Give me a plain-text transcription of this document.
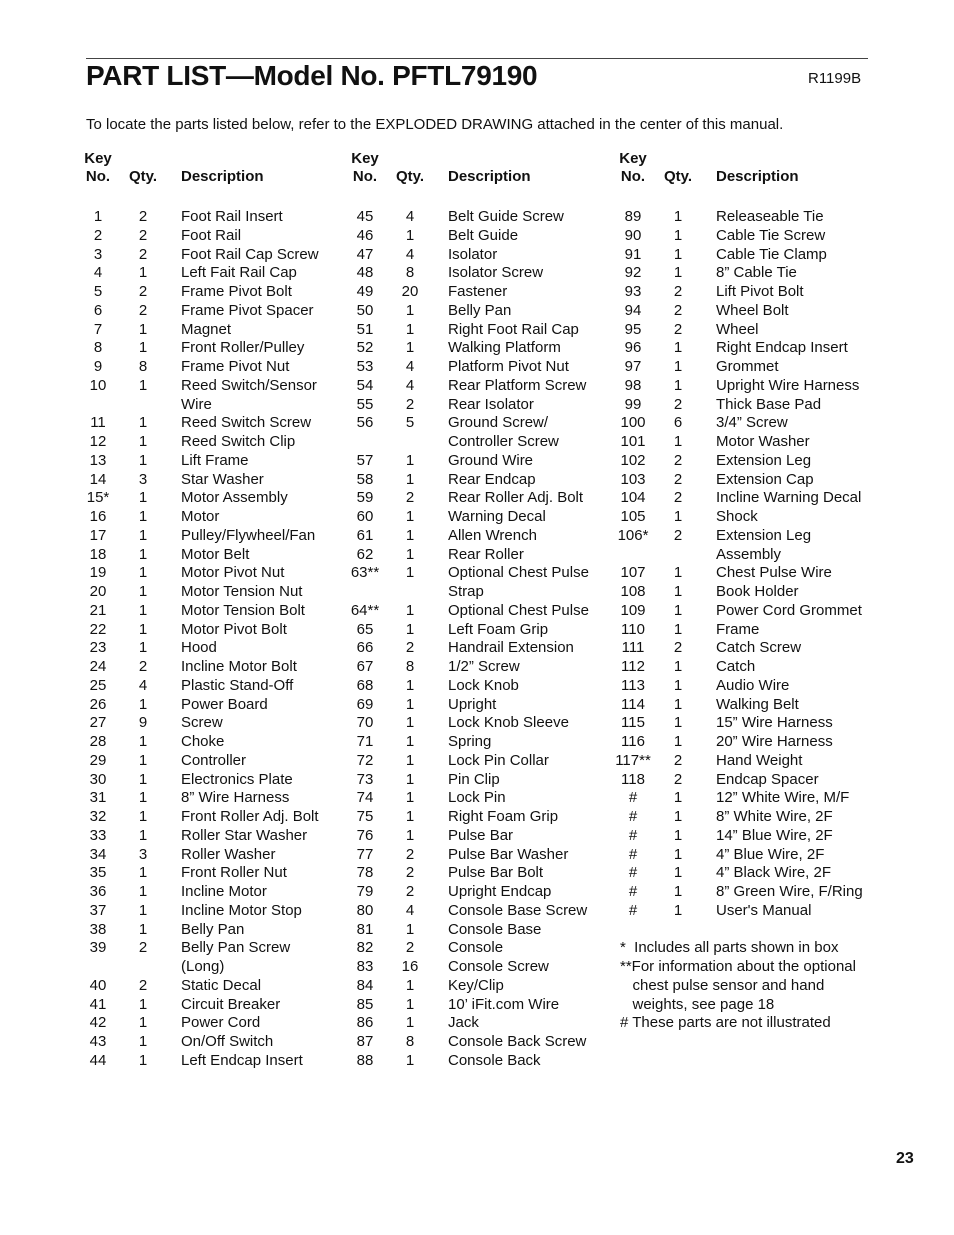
PART LIST—Model No. PFTL79190	R1199B
To locate the parts listed below, refer to the EXPLODED DRAWING attached in the center of this manual.
Key
No.	Qty. Description
1	2	Foot Rail Insert
2	2	Foot Rail
3	2	Foot Rail Cap Screw
4	1	Left Fait Rail Cap
5	2	Frame Pivot Bolt
6	2	Frame Pivot Spacer
7	1	Magnet
8	1	Front Roller/Pulley
9	8	Frame Pivot Nut
10	1	Reed Switch/Sensor
Wire
11	1	Reed Switch Screw
12	1	Reed Switch Clip
13	1	Lift Frame
14	3	Star Washer
15*	1	Motor Assembly
16	1	Motor
17	1	Pulley/Flywheel/Fan
18	1	Motor Belt
19	1	Motor Pivot Nut
20	1	Motor Tension Nut
21	1	Motor Tension Bolt
22	1	Motor Pivot Bolt
23	1	Hood
24	2	Incline Motor Bolt
25	4	Plastic Stand-Off
26	1	Power Board
27	9	Screw
28	1	Choke
29	1	Controller
30	1	Electronics Plate
31	1	8” Wire Harness
32	1	Front Roller Adj. Bolt
33	1	Roller Star Washer
34	3	Roller Washer
35	1	Front Roller Nut
36	1	Incline Motor
37	1	Incline Motor Stop
38	1	Belly Pan
39	2	Belly Pan Screw
(Long)
40	2	Static Decal
41	1	Circuit Breaker
42	1	Power Cord
43	1	On/Off Switch
44	1	Left Endcap Insert
Key
No.	Qty. Description
45	4	Belt Guide Screw
46	1	Belt Guide
47	4	Isolator
48	8	Isolator Screw
49	20	Fastener
50	1	Belly Pan
51	1	Right Foot Rail Cap
52	1	Walking Platform
53	4	Platform Pivot Nut
54	4	Rear Platform Screw
55	2	Rear Isolator
56	5	Ground Screw/
Controller Screw
57	1	Ground Wire
58	1	Rear Endcap
59	2	Rear Roller Adj. Bolt
60	1	Warning Decal
61	1	Allen Wrench
62	1	Rear Roller
63**	1	Optional Chest Pulse
Strap
64**	1	Optional Chest Pulse
65	1	Left Foam Grip
66	2	Handrail Extension
67	8	1/2” Screw
68	1	Lock Knob
69	1	Upright
70	1	Lock Knob Sleeve
71	1	Spring
72	1	Lock Pin Collar
73	1	Pin Clip
74	1	Lock Pin
75	1	Right Foam Grip
76	1	Pulse Bar
77	2	Pulse Bar Washer
78	2	Pulse Bar Bolt
79	2	Upright Endcap
80	4	Console Base Screw
81	1	Console Base
82	2	Console
83	16	Console Screw
84	1	Key/Clip
85	1	10’ iFit.com Wire
86	1	Jack
87	8	Console Back Screw
88	1	Console Back
Key
No.	Qty. Description
89	1	Releaseable Tie
90	1	Cable Tie Screw
91	1	Cable Tie Clamp
92	1	8” Cable Tie
93	2	Lift Pivot Bolt
94	2	Wheel Bolt
95	2	Wheel
96	1	Right Endcap Insert
97	1	Grommet
98	1	Upright Wire Harness
99	2	Thick Base Pad
100	6	3/4” Screw
101	1	Motor Washer
102	2	Extension Leg
103	2	Extension Cap
104	2	Incline Warning Decal
105	1	Shock
106*	2	Extension Leg
Assembly
107	1	Chest Pulse Wire
108	1	Book Holder
109	1	Power Cord Grommet
110	1	Frame
111	2	Catch Screw
112	1	Catch
113	1	Audio Wire
114	1	Walking Belt
115	1	15” Wire Harness
116	1	20” Wire Harness
117**	2	Hand Weight
118	2	Endcap Spacer
#	1	12” White Wire, M/F
#	1	8” White Wire, 2F
#	1	14” Blue Wire, 2F
#	1	4” Blue Wire, 2F
#	1	4” Black Wire, 2F
#	1	8” Green Wire, F/Ring
#	1	User's Manual
*  Includes all parts shown in box
**For information about the optional
chest pulse sensor and hand
weights, see page 18
# These parts are not illustrated
23
